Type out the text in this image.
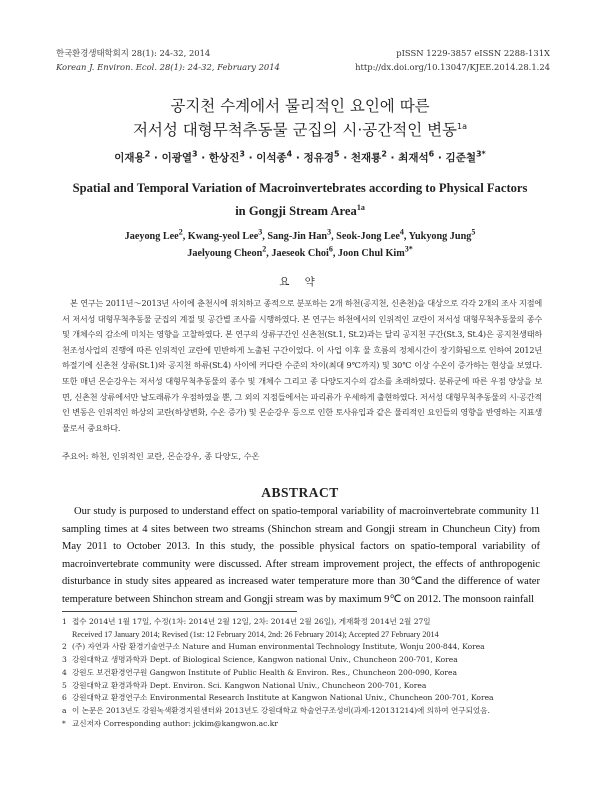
한국환경생태학회지 28(1): 24-32, 2014
Korean J. Environ. Ecol. 28(1): 24-32, February 2014
pISSN 1229-3857 eISSN 2288-131X
http://dx.doi.org/10.13047/KJEE.2014.28.1.24
공지천 수계에서 물리적인 요인에 따른
저서성 대형무척추동물 군집의 시·공간적인 변동$^{1a}$
이재용$^2$ · 이광열$^3$ · 한상진$^3$ · 이석종$^4$ · 정유경$^5$ · 천재룡$^2$ · 최재석$^6$ · 김준철$^{3*}$
Spatial and Temporal Variation of Macroinvertebrates according to Physical Factors
in Gongji Stream Area$^{1a}$
Jaeyong Lee$^2$, Kwang-yeol Lee$^3$, Sang-Jin Han$^3$, Seok-Jong Lee$^4$, Yukyong Jung$^5$
Jaelyoung Cheon$^2$, Jaeseok Choi$^6$, Joon Chul Kim$^{3*}$
요 약
본 연구는 2011년～2013년 사이에 춘천시에 위치하고 종적으로 분포하는 2개 하천(공지천, 신촌천)을 대상으로 각각 2개의 조사 지점에서 저서성 대형무척추동물 군집의 계절 및 공간별 조사를 시행하였다. 본 연구는 하천에서의 인위적인 교란이 저서성 대형무척추동물의 종수 및 개체수의 감소에 미치는 영향을 고찰하였다. 본 연구의 상류구간인 신촌천(St.1, St.2)과는 달리 공지천 구간(St.3, St.4)은 공지천생태하천조성사업의 진행에 따른 인위적인 교란에 민반하게 노출된 구간이었다. 이 사업 이후 물 흐름의 정체시간이 장기화됨으로 인하여 2012년 하절기에 신촌천 상류(St.1)와 공지천 하류(St.4) 사이에 커다란 수준의 차이(최대 9℃까지) 및 30℃ 이상 수온이 증가하는 현상을 보였다. 또한 매년 몬순강우는 저서성 대형무척추동물의 종수 및 개체수 그리고 종 다양도지수의 감소를 초래하였다. 분류군에 따른 우점 양상을 보면, 신촌천 상류에서만 날도래류가 우점하였을 뿐, 그 외의 지점들에서는 파리류가 우세하게 출현하였다. 저서성 대형무척추동물의 시·공간적인 변동은 인위적인 하상의 교란(하상변화, 수온 증가) 및 몬순강우 등으로 인한 토사유입과 같은 물리적인 요인들의 영향을 반영하는 지표생물로서 중요하다.
주요어: 하천, 인위적인 교란, 몬순강우, 종 다양도, 수온
ABSTRACT
Our study is purposed to understand effect on spatio-temporal variability of macroinvertebrate community 11 sampling times at 4 sites between two streams (Shinchon stream and Gongji stream in Chuncheun City) from May 2011 to October 2013. In this study, the possible physical factors on spatio-temporal variability of macroinvertebrate community were discussed. After stream improvement project, the effects of anthropogenic disturbance in study sites appeared as increased water temperature more than 30℃and the difference of water temperature between Shinchon stream and Gongji stream was by maximum 9℃ on 2012. The monsoon rainfall
1 접수 2014년 1월 17일, 수정(1차: 2014년 2월 12일, 2차: 2014년 2월 26일), 게재확정 2014년 2월 27일
Received 17 January 2014; Revised (1st: 12 February 2014, 2nd: 26 February 2014); Accepted 27 February 2014
2 (주) 자연과 사람 환경기술연구소 Nature and Human environmental Technology Institute, Wonju 200-844, Korea
3 강원대학교 생명과학과 Dept. of Biological Science, Kangwon national Univ., Chuncheon 200-701, Korea
4 강원도 보건환경연구원 Gangwon Institute of Public Health & Environ. Res., Chuncheon 200-090, Korea
5 강원대학교 환경과학과 Dept. Environ. Sci. Kangwon National Univ., Chuncheon 200-701, Korea
6 강원대학교 환경연구소 Environmental Research Institute at Kangwon National Univ., Chuncheon 200-701, Korea
a 이 논문은 2013년도 강원녹색환경지원센터와 2013년도 강원대학교 학술연구조성비(과제-120131214)에 의하여 연구되었음.
* 교신저자 Corresponding author: jckim@kangwon.ac.kr
